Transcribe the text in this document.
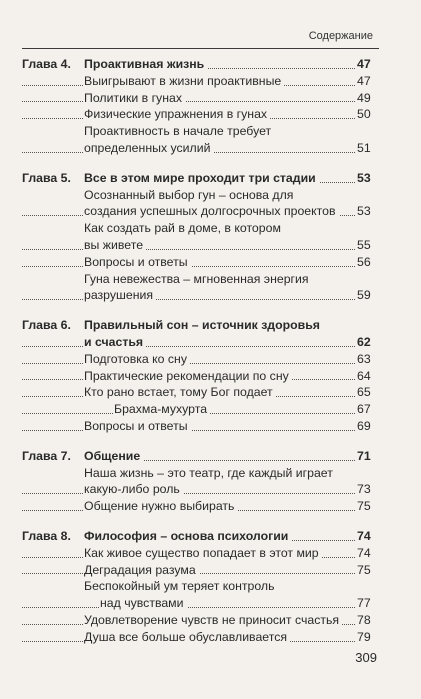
Содержание
Глава 4. Проактивная жизнь	47
Выигрывают в жизни проактивные	47
Политики в гунах	49
Физические упражнения в гунах	50
Проактивность в начале требует
определенных усилий	51
Глава 5. Все в этом мире проходит три стадии	53
Осознанный выбор гун – основа для
создания успешных долгосрочных проектов 53
Как создать рай в доме, в котором
вы живете	55
Вопросы и ответы	56
Гуна невежества – мгновенная энергия
разрушения	59
Глава 6. Правильный сон – источник здоровья
и счастья	62
Подготовка ко сну	63
Практические рекомендации по сну	64
Кто рано встает, тому Бог подает	65
Брахма-мухурта	67
Вопросы и ответы	69
Глава 7. Общение	71
Наша жизнь – это театр, где каждый играет
какую-либо роль	73
Общение нужно выбирать	75
Глава 8. Философия – основа психологии	74
Как живое существо попадает в этот мир	74
Деградация разума	75
Беспокойный ум теряет контроль
над чувствами	77
Удовлетворение чувств не приносит счастья 78
Душа все больше обуславливается	79
309
